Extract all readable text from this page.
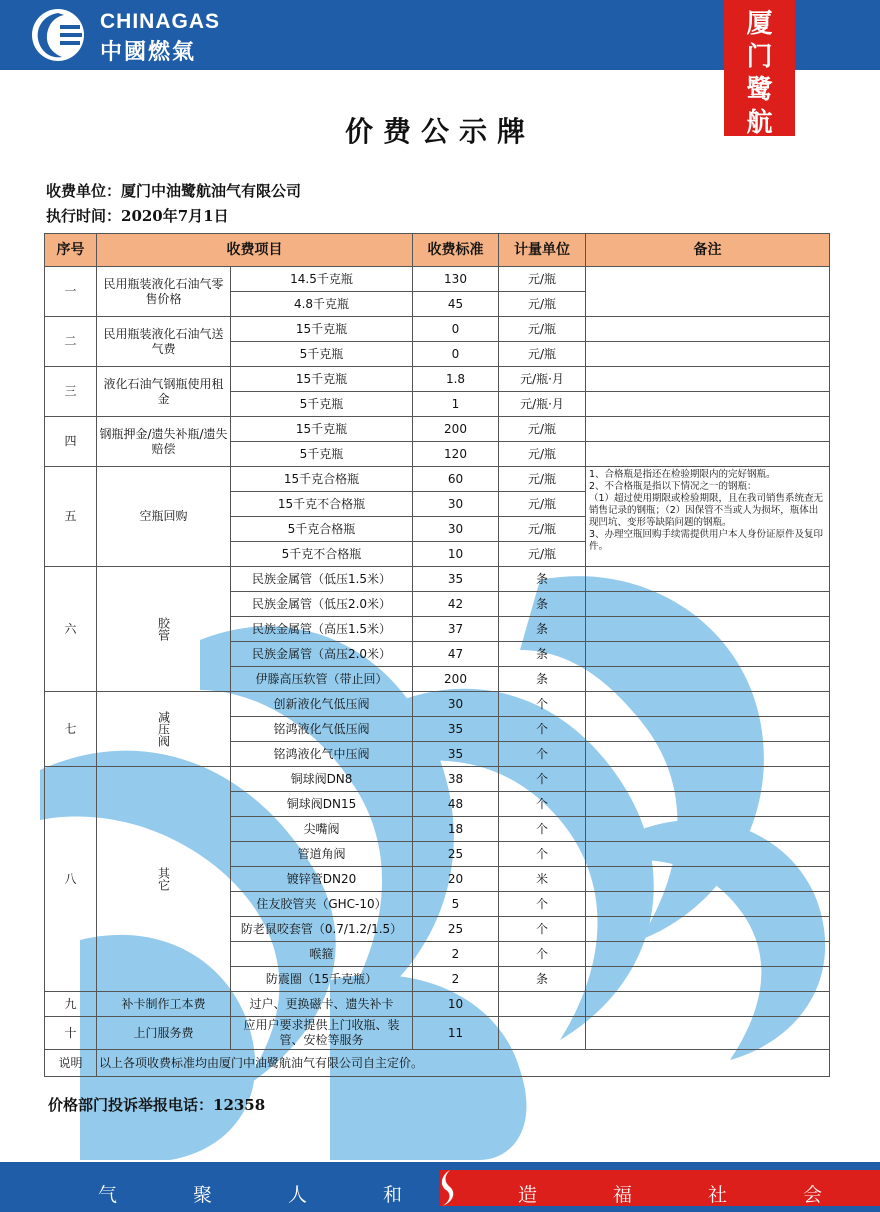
CHINAGAS
中國燃氣
厦
门
鹭
航
价费公示牌
收费单位：厦门中油鹭航油气有限公司
执行时间：2020年7月1日
序号	收费项目		收费标准	计量单位	备注
一	民用瓶装液化石油气零售价格	14.5千克瓶	130	元/瓶	
		4.8千克瓶	45	元/瓶	
二	民用瓶装液化石油气送气费	15千克瓶	0	元/瓶	
		5千克瓶	0	元/瓶	
三	液化石油气钢瓶使用租金	15千克瓶	1.8	元/瓶·月	
		5千克瓶	1	元/瓶·月	
四	钢瓶押金/遗失补瓶/遗失赔偿	15千克瓶	200	元/瓶	
		5千克瓶	120	元/瓶	
五	空瓶回购	15千克合格瓶	60	元/瓶	1、合格瓶是指还在检验期限内的完好钢瓶。
2、不合格瓶是指以下情况之一的钢瓶：
（1）超过使用期限或检验期限，且在我司销售系统查无销售记录的钢瓶；（2）因保管不当或人为损坏，瓶体出现凹坑、变形等缺陷问题的钢瓶。
3、办理空瓶回购手续需提供用户本人身份证原件及复印件。

		15千克不合格瓶	30	元/瓶	
		5千克合格瓶	30	元/瓶	
		5千克不合格瓶	10	元/瓶	
六	胶管	民族金属管（低压1.5米）	35	条	
		民族金属管（低压2.0米）	42	条	
		民族金属管（高压1.5米）	37	条	
		民族金属管（高压2.0米）	47	条	
		伊滕高压软管（带止回）	200	条	
七	减压阀	创新液化气低压阀	30	个	
		铭鸿液化气低压阀	35	个	
		铭鸿液化气中压阀	35	个	
八	其它	铜球阀DN8	38	个	
		铜球阀DN15	48	个	
		尖嘴阀	18	个	
		管道角阀	25	个	
		镀锌管DN20	20	米	
		住友胶管夹（GHC-10）	5	个	
		防老鼠咬套管（0.7/1.2/1.5）	25	个	
		喉箍	2	个	
		防震圈（15千克瓶）	2	条	
九	补卡制作工本费	过户、更换磁卡、遗失补卡	10		
十	上门服务费	应用户要求提供上门收瓶、装管、安检等服务	11		
说明	以上各项收费标准均由厦门中油鹭航油气有限公司自主定价。				
价格部门投诉举报电话：12358
气	聚	人	和	造	福	社	会
